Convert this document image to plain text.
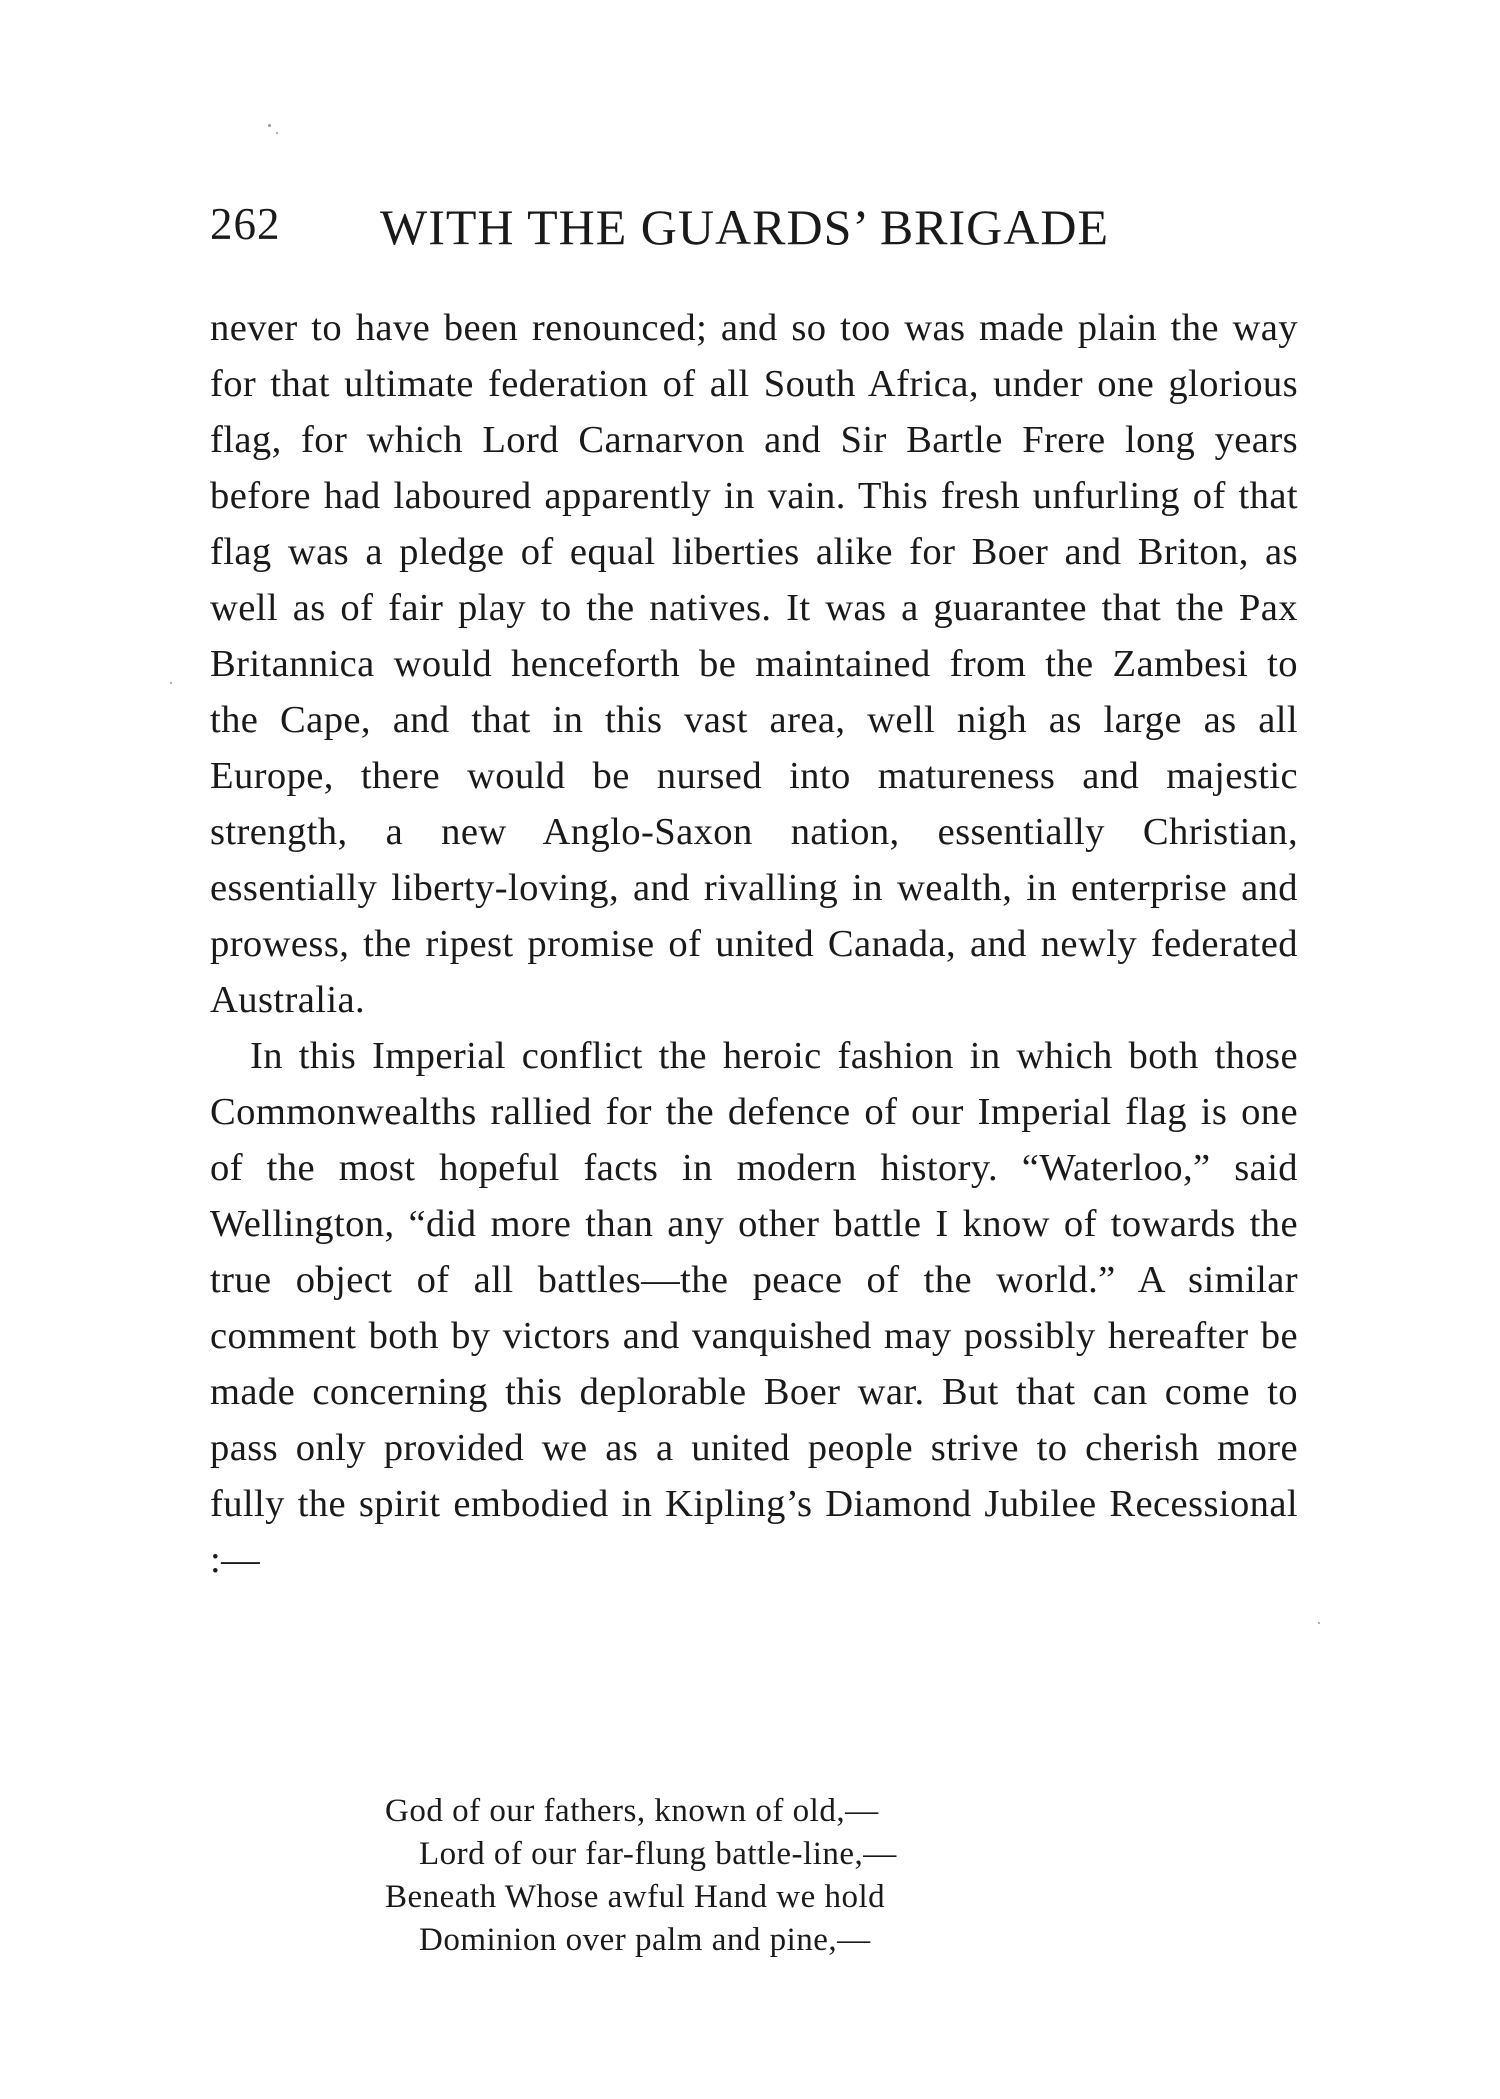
262 WITH THE GUARDS’ BRIGADE

never to have been renounced; and so too was made plain the way for that ultimate federation of all South Africa, under one glorious flag, for which Lord Carnarvon and Sir Bartle Frere long years before had laboured apparently in vain. This fresh unfurling of that flag was a pledge of equal liberties alike for Boer and Briton, as well as of fair play to the natives. It was a guarantee that the Pax Britannica would henceforth be maintained from the Zambesi to the Cape, and that in this vast area, well nigh as large as all Europe, there would be nursed into matureness and majestic strength, a new Anglo-Saxon nation, essentially Christian, essentially liberty-loving, and rivalling in wealth, in enterprise and prowess, the ripest promise of united Canada, and newly federated Australia.

In this Imperial conflict the heroic fashion in which both those Commonwealths rallied for the defence of our Imperial flag is one of the most hopeful facts in modern history. “Waterloo,” said Wellington, “did more than any other battle I know of towards the true object of all battles—the peace of the world.” A similar comment both by victors and vanquished may possibly hereafter be made concerning this deplorable Boer war. But that can come to pass only provided we as a united people strive to cherish more fully the spirit embodied in Kipling’s Diamond Jubilee Recessional :—

God of our fathers, known of old,—
Lord of our far-flung battle-line,—
Beneath Whose awful Hand we hold
Dominion over palm and pine,—
